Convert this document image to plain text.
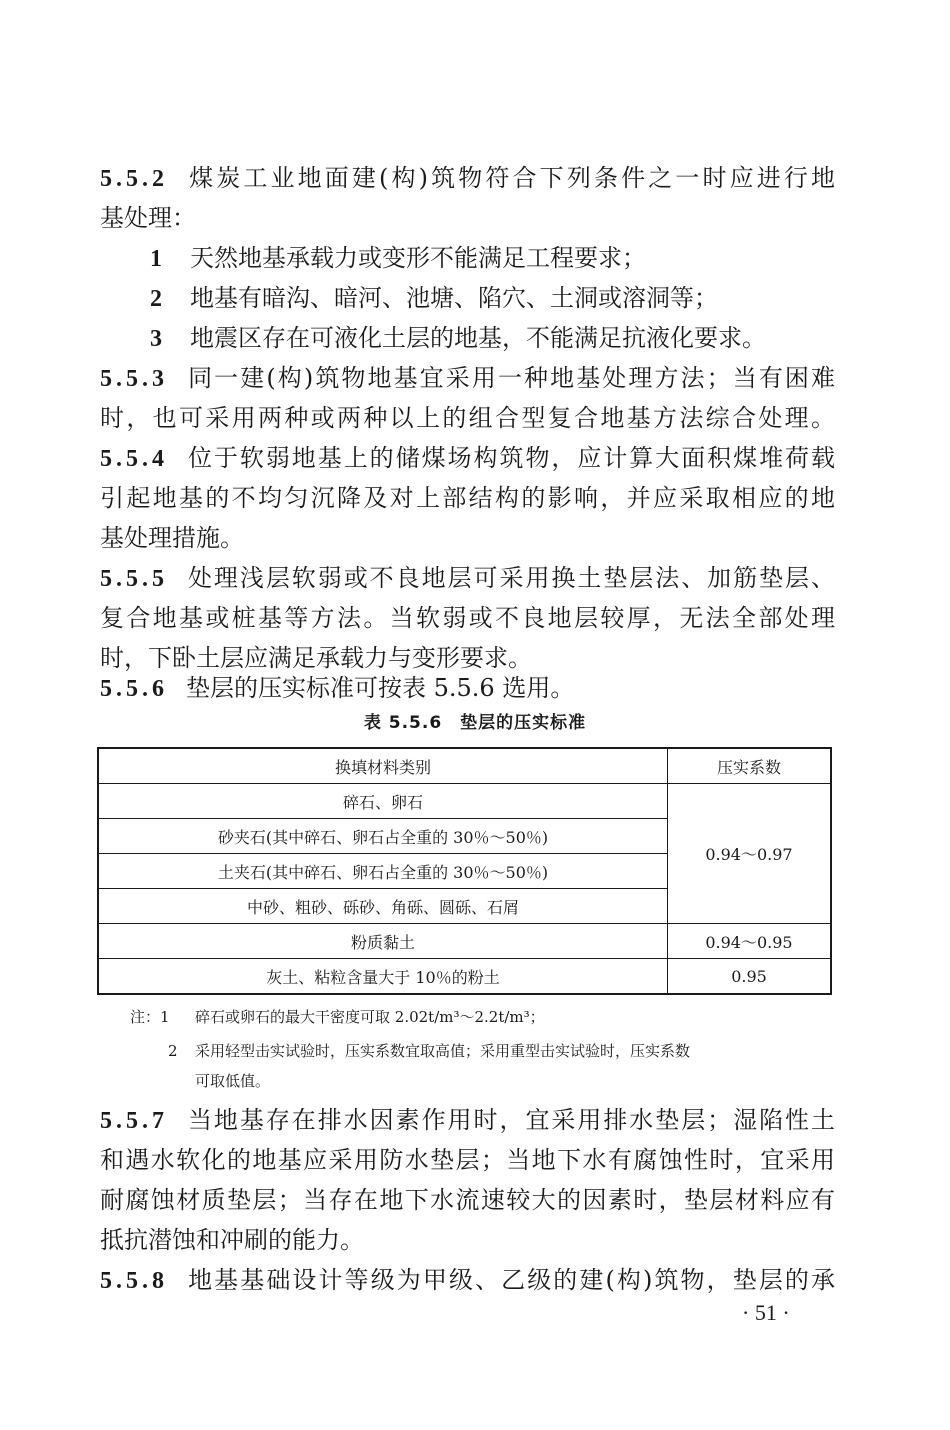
5.5.2 煤炭工业地面建(构)筑物符合下列条件之一时应进行地
基处理：
1 天然地基承载力或变形不能满足工程要求；
2 地基有暗沟、暗河、池塘、陷穴、土洞或溶洞等；
3 地震区存在可液化土层的地基，不能满足抗液化要求。
5.5.3 同一建(构)筑物地基宜采用一种地基处理方法；当有困难
时，也可采用两种或两种以上的组合型复合地基方法综合处理。
5.5.4 位于软弱地基上的储煤场构筑物，应计算大面积煤堆荷载
引起地基的不均匀沉降及对上部结构的影响，并应采取相应的地
基处理措施。
5.5.5 处理浅层软弱或不良地层可采用换土垫层法、加筋垫层、
复合地基或桩基等方法。当软弱或不良地层较厚，无法全部处理
时，下卧土层应满足承载力与变形要求。
5.5.6 垫层的压实标准可按表 5.5.6 选用。
表 5.5.6　垫层的压实标准
换填材料类别	压实系数
碎石、卵石	0.94～0.97
砂夹石(其中碎石、卵石占全重的 30％～50％)	
土夹石(其中碎石、卵石占全重的 30％～50％)	
中砂、粗砂、砾砂、角砾、圆砾、石屑	
粉质黏土	0.94～0.95
灰土、粘粒含量大于 10％的粉土	0.95
注：1 碎石或卵石的最大干密度可取 2.02t/m³～2.2t/m³；
2 采用轻型击实试验时，压实系数宜取高值；采用重型击实试验时，压实系数
可取低值。
5.5.7 当地基存在排水因素作用时，宜采用排水垫层；湿陷性土
和遇水软化的地基应采用防水垫层；当地下水有腐蚀性时，宜采用
耐腐蚀材质垫层；当存在地下水流速较大的因素时，垫层材料应有
抵抗潜蚀和冲刷的能力。
5.5.8 地基基础设计等级为甲级、乙级的建(构)筑物，垫层的承
· 51 ·
